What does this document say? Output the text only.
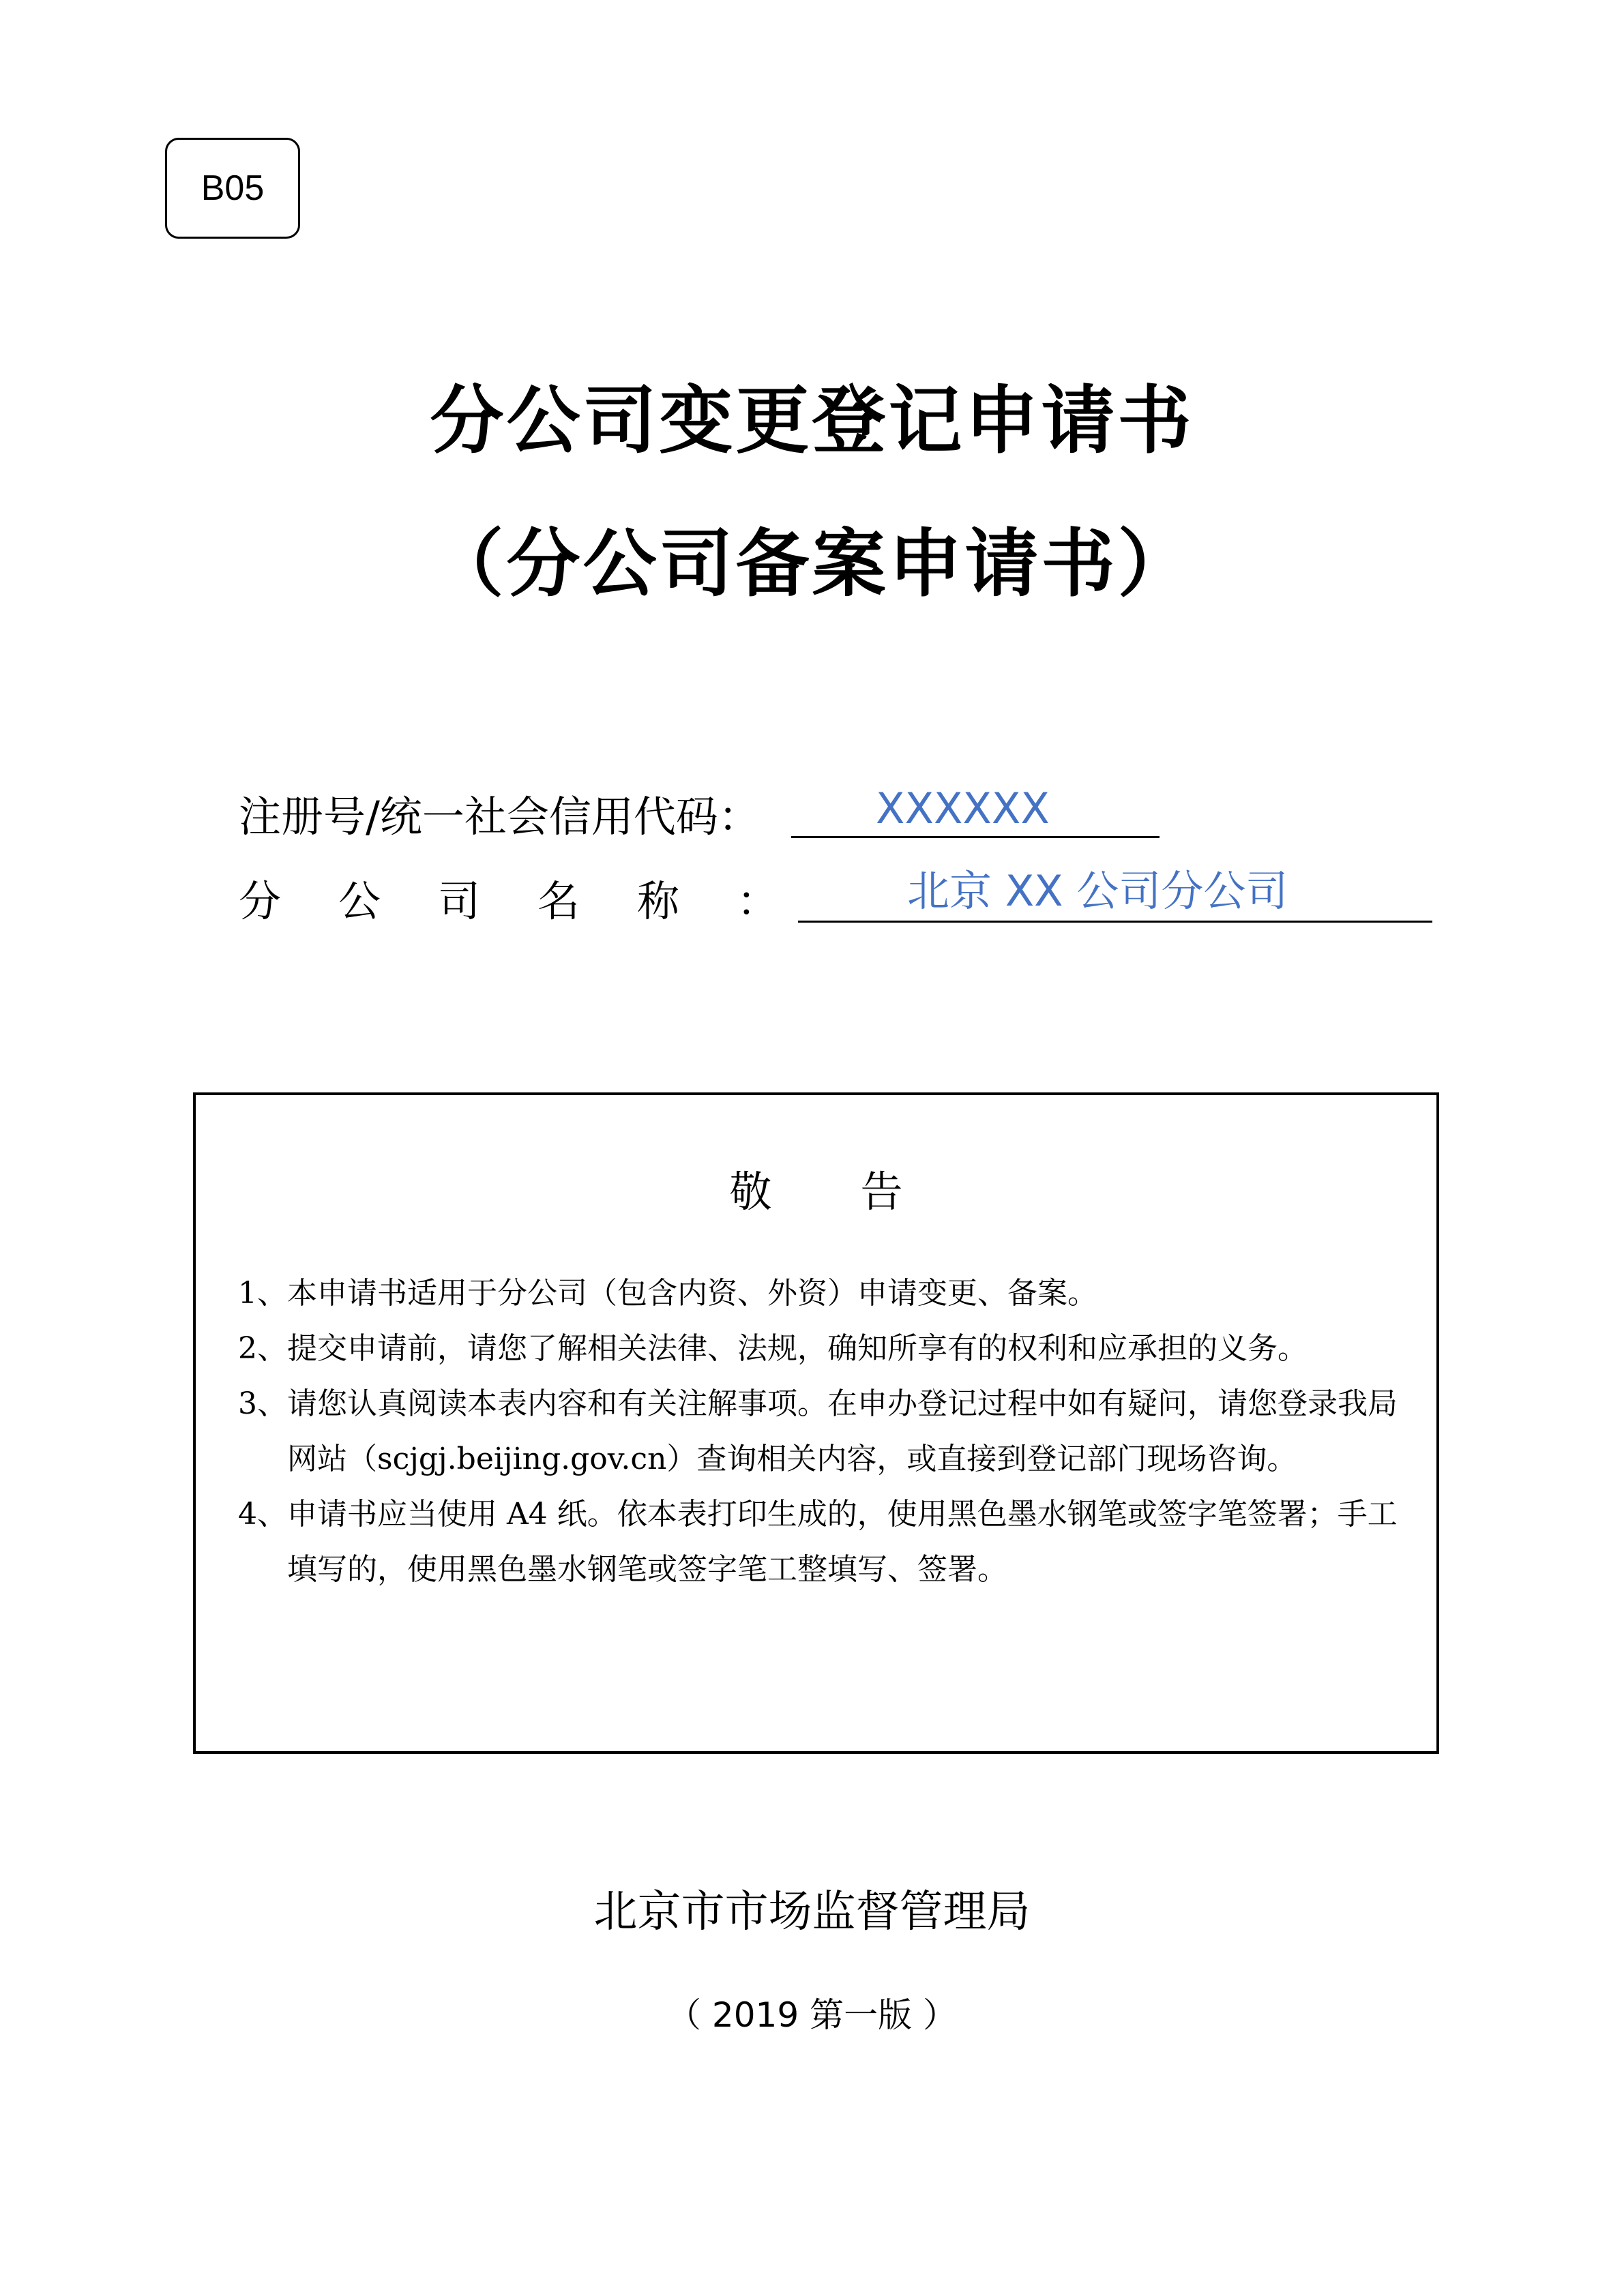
B05
分公司变更登记申请书
（分公司备案申请书）
注册号/统一社会信用代码：	XXXXXX
分公司名称： 北京 XX 公司分公司
敬告
1、 本申请书适用于分公司（包含内资、外资）申请变更、备案。
2、 提交申请前，请您了解相关法律、法规，确知所享有的权利和应承担的义务。
3、 请您认真阅读本表内容和有关注解事项。在申办登记过程中如有疑问，请您登录我局网站（scjgj.beijing.gov.cn）查询相关内容，或直接到登记部门现场咨询。
4、 申请书应当使用 A4 纸。依本表打印生成的，使用黑色墨水钢笔或签字笔签署；手工填写的，使用黑色墨水钢笔或签字笔工整填写、签署。
北京市市场监督管理局
（ 2019 第一版 ）
